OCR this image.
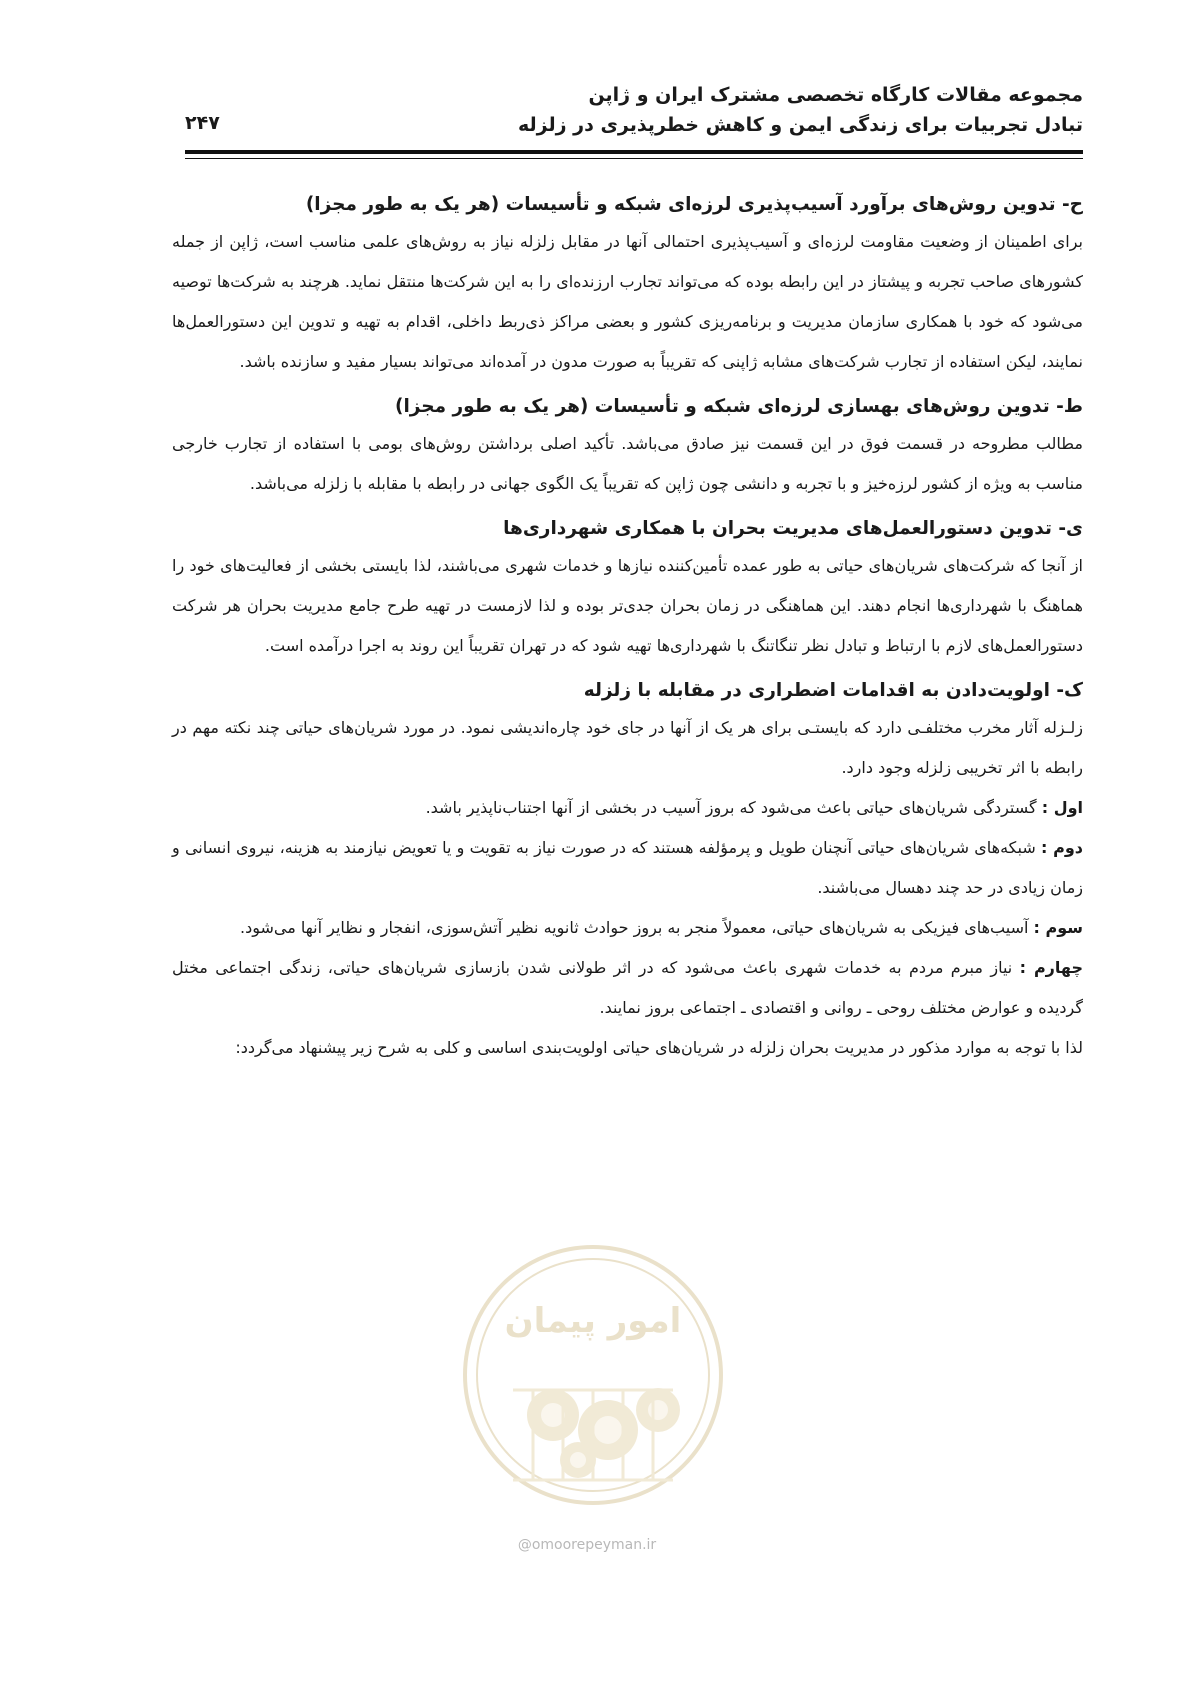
مجموعه مقالات کارگاه تخصصی مشترک ایران و ژاپن
تبادل تجربیات برای زندگی ایمن و کاهش خطرپذیری در زلزله
۲۴۷
ح- تدوین روش‌های برآورد آسیب‌پذیری لرزه‌ای شبکه و تأسیسات (هر یک به طور مجزا)

برای اطمینان از وضعیت مقاومت لرزه‌ای و آسیب‌پذیری احتمالی آنها در مقابل زلزله نیاز به روش‌های علمی مناسب است، ژاپن از جمله کشورهای صاحب تجربه و پیشتاز در این رابطه بوده که می‌تواند تجارب ارزنده‌ای را به این شرکت‌ها منتقل نماید. هرچند به شرکت‌ها توصیه می‌شود که خود با همکاری سازمان مدیریت و برنامه‌ریزی کشور و بعضی مراکز ذی‌ربط داخلی، اقدام به تهیه و تدوین این دستورالعمل‌ها نمایند، لیکن استفاده از تجارب شرکت‌های مشابه ژاپنی که تقریباً به صورت مدون در آمده‌اند می‌تواند بسیار مفید و سازنده باشد.

ط- تدوین روش‌های بهسازی لرزه‌ای شبکه و تأسیسات (هر یک به طور مجزا)

مطالب مطروحه در قسمت فوق در این قسمت نیز صادق می‌باشد. تأکید اصلی برداشتن روش‌های بومی با استفاده از تجارب خارجی مناسب به ویژه از کشور لرزه‌خیز و با تجربه و دانشی چون ژاپن که تقریباً یک الگوی جهانی در رابطه با مقابله با زلزله می‌باشد.

ی- تدوین دستورالعمل‌های مدیریت بحران با همکاری شهرداری‌ها

از آنجا که شرکت‌های شریان‌های حیاتی به طور عمده تأمین‌کننده نیازها و خدمات شهری می‌باشند، لذا بایستی بخشی از فعالیت‌های خود را هماهنگ با شهرداری‌ها انجام دهند. این هماهنگی در زمان بحران جدی‌تر بوده و لذا لازمست در تهیه طرح جامع مدیریت بحران هر شرکت دستورالعمل‌های لازم با ارتباط و تبادل نظر تنگاتنگ با شهرداری‌ها تهیه شود که در تهران تقریباً این روند به اجرا درآمده است.

ک- اولویت‌دادن به اقدامات اضطراری در مقابله با زلزله

زلـزله آثار مخرب مختلفـی دارد که بایستـی برای هر یک از آنها در جای خود چاره‌اندیشی نمود. در مورد شریان‌های حیاتی چند نکته مهم در رابطه با اثر تخریبی زلزله وجود دارد.

اول : گستردگی شریان‌های حیاتی باعث می‌شود که بروز آسیب در بخشی از آنها اجتناب‌ناپذیر باشد.

دوم : شبکه‌های شریان‌های حیاتی آنچنان طویل و پرمؤلفه هستند که در صورت نیاز به تقویت و یا تعویض نیازمند به هزینه، نیروی انسانی و زمان زیادی در حد چند دهسال می‌باشند.

سوم : آسیب‌های فیزیکی به شریان‌های حیاتی، معمولاً منجر به بروز حوادث ثانویه نظیر آتش‌سوزی، انفجار و نظایر آنها می‌شود.

چهارم : نیاز مبرم مردم به خدمات شهری باعث می‌شود که در اثر طولانی شدن بازسازی شریان‌های حیاتی، زندگی اجتماعی مختل گردیده و عوارض مختلف روحی ـ روانی و اقتصادی ـ اجتماعی بروز نمایند.

لذا با توجه به موارد مذکور در مدیریت بحران زلزله در شریان‌های حیاتی اولویت‌بندی اساسی و کلی به شرح زیر پیشنهاد می‌گردد:

امور پیمان
@omoorepeyman.ir
